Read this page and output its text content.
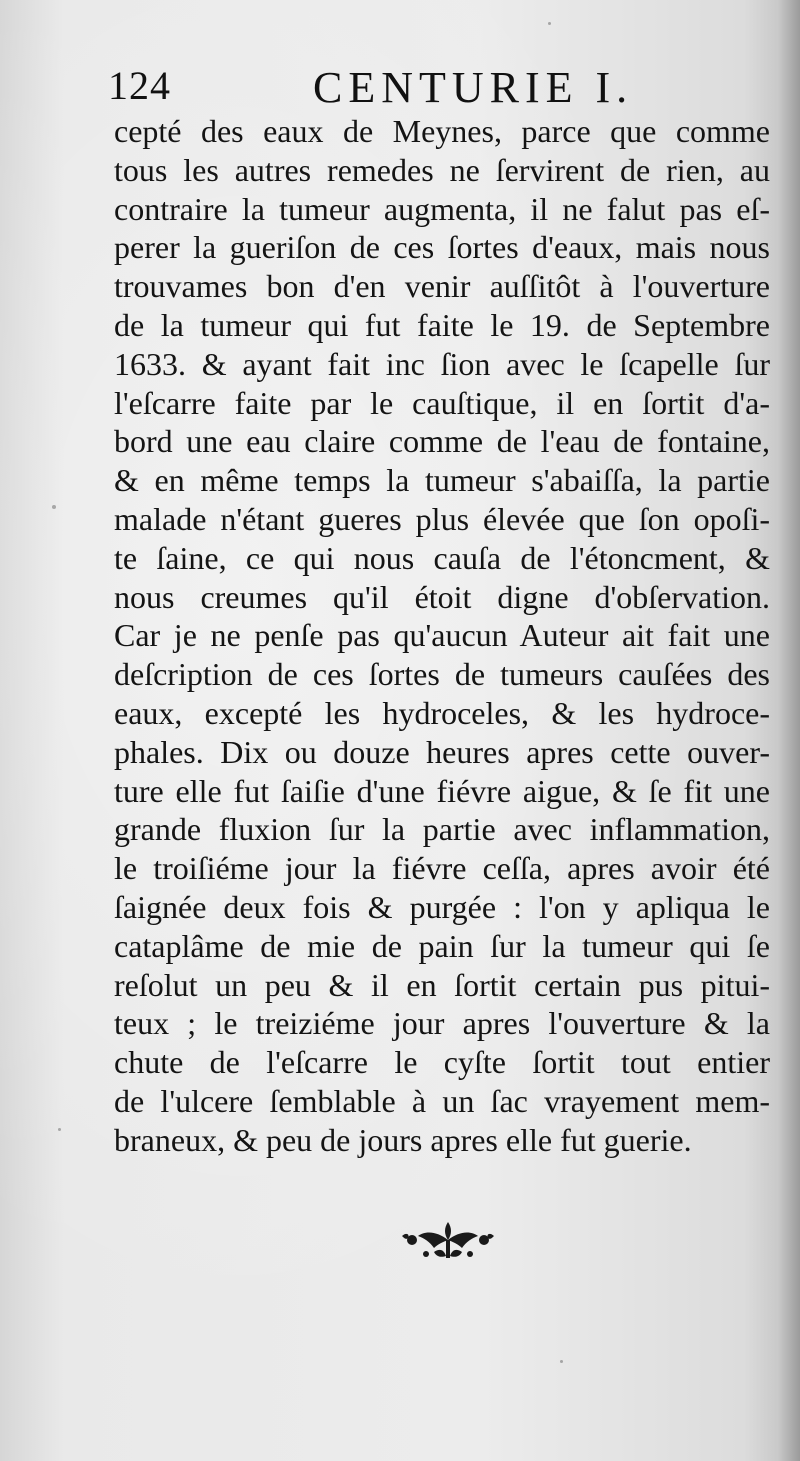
124	CENTURIE I.
cepté des eaux de Meynes, parce que comme
tous les autres remedes ne ſervirent de rien, au
contraire la tumeur augmenta, il ne falut pas eſ-
perer la gueriſon de ces ſortes d'eaux, mais nous
trouvames bon d'en venir auſſitôt à l'ouverture
de la tumeur qui fut faite le 19. de Septembre
1633. & ayant fait inc ſion avec le ſcapelle ſur
l'eſcarre faite par le cauſtique, il en ſortit d'a-
bord une eau claire comme de l'eau de fontaine,
& en même temps la tumeur s'abaiſſa, la partie
malade n'étant gueres plus élevée que ſon opoſi-
te ſaine, ce qui nous cauſa de l'étoncment, &
nous creumes qu'il étoit digne d'obſervation.
Car je ne penſe pas qu'aucun Auteur ait fait une
deſcription de ces ſortes de tumeurs cauſées des
eaux, excepté les hydroceles, & les hydroce-
phales. Dix ou douze heures apres cette ouver-
ture elle fut ſaiſie d'une fiévre aigue, & ſe fit une
grande fluxion ſur la partie avec inflammation,
le troiſiéme jour la fiévre ceſſa, apres avoir été
ſaignée deux fois & purgée : l'on y apliqua le
cataplâme de mie de pain ſur la tumeur qui ſe
reſolut un peu & il en ſortit certain pus pitui-
teux ; le treiziéme jour apres l'ouverture & la
chute de l'eſcarre le cyſte ſortit tout entier
de l'ulcere ſemblable à un ſac vrayement mem-
braneux, & peu de jours apres elle fut guerie.
